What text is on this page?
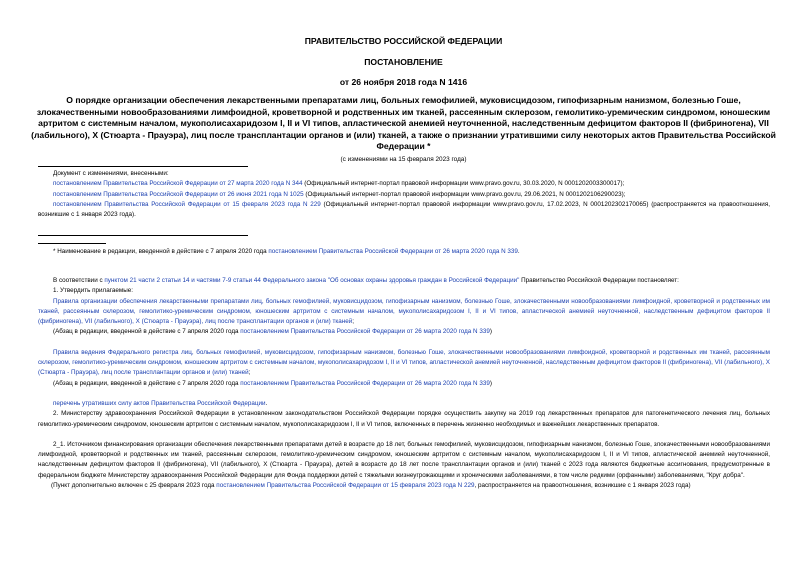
ПРАВИТЕЛЬСТВО РОССИЙСКОЙ ФЕДЕРАЦИИ
ПОСТАНОВЛЕНИЕ
от 26 ноября 2018 года N 1416
О порядке организации обеспечения лекарственными препаратами лиц, больных гемофилией, муковисцидозом, гипофизарным нанизмом, болезнью Гоше, злокачественными новообразованиями лимфоидной, кроветворной и родственных им тканей, рассеянным склерозом, гемолитико-уремическим синдромом, юношеским артритом с системным началом, мукополисахаридозом I, II и VI типов, апластической анемией неуточненной, наследственным дефицитом факторов II (фибриногена), VII (лабильного), X (Стюарта - Прауэра), лиц после трансплантации органов и (или) тканей, а также о признании утратившими силу некоторых актов Правительства Российской Федерации *
(с изменениями на 15 февраля 2023 года)

Документ с изменениями, внесенными:

постановлением Правительства Российской Федерации от 27 марта 2020 года N 344 (Официальный интернет-портал правовой информации www.pravo.gov.ru, 30.03.2020, N 0001202003300017);

постановлением Правительства Российской Федерации от 26 июня 2021 года N 1025 (Официальный интернет-портал правовой информации www.pravo.gov.ru, 29.06.2021, N 0001202106290023);

постановлением Правительства Российской Федерации от 15 февраля 2023 года N 229 (Официальный интернет-портал правовой информации www.pravo.gov.ru, 17.02.2023, N 0001202302170065) (распространяется на правоотношения, возникшие с 1 января 2023 года).

* Наименование в редакции, введенной в действие с 7 апреля 2020 года постановлением Правительства Российской Федерации от 26 марта 2020 года N 339.

В соответствии с пунктом 21 части 2 статьи 14 и частями 7-9 статьи 44 Федерального закона "Об основах охраны здоровья граждан в Российской Федерации" Правительство Российской Федерации постановляет:

1. Утвердить прилагаемые:

Правила организации обеспечения лекарственными препаратами лиц, больных гемофилией, муковисцидозом, гипофизарным нанизмом, болезнью Гоше, злокачественными новообразованиями лимфоидной, кроветворной и родственных им тканей, рассеянным склерозом, гемолитико-уремическим синдромом, юношеским артритом с системным началом, мукополисахаридозом I, II и VI типов, апластической анемией неуточненной, наследственным дефицитом факторов II (фибриногена), VII (лабильного), X (Стюарта - Прауэра), лиц после трансплантации органов и (или) тканей;

(Абзац в редакции, введенной в действие с 7 апреля 2020 года постановлением Правительства Российской Федерации от 26 марта 2020 года N 339)

Правила ведения Федерального регистра лиц, больных гемофилией, муковисцидозом, гипофизарным нанизмом, болезнью Гоше, злокачественными новообразованиями лимфоидной, кроветворной и родственных им тканей, рассеянным склерозом, гемолитико-уремическим синдромом, юношеским артритом с системным началом, мукополисахаридозом I, II и VI типов, апластической анемией неуточненной, наследственным дефицитом факторов II (фибриногена), VII (лабильного), X (Стюарта - Прауэра), лиц после трансплантации органов и (или) тканей;

(Абзац в редакции, введенной в действие с 7 апреля 2020 года постановлением Правительства Российской Федерации от 26 марта 2020 года N 339)

перечень утративших силу актов Правительства Российской Федерации.

2. Министерству здравоохранения Российской Федерации в установленном законодательством Российской Федерации порядке осуществить закупку на 2019 год лекарственных препаратов для патогенетического лечения лиц, больных гемолитико-уремическим синдромом, юношеским артритом с системным началом, мукополисахаридозом I, II и VI типов, включенных в перечень жизненно необходимых и важнейших лекарственных препаратов.

2_1. Источником финансирования организации обеспечения лекарственными препаратами детей в возрасте до 18 лет, больных гемофилией, муковисцидозом, гипофизарным нанизмом, болезнью Гоше, злокачественными новообразованиями лимфоидной, кроветворной и родственных им тканей, рассеянным склерозом, гемолитико-уремическим синдромом, юношеским артритом с системным началом, мукополисахаридозом I, II и VI типов, апластической анемией неуточненной, наследственным дефицитом факторов II (фибриногена), VII (лабильного), X (Стюарта - Прауэра), детей в возрасте до 18 лет после трансплантации органов и (или) тканей с 2023 года являются бюджетные ассигнования, предусмотренные в федеральном бюджете Министерству здравоохранения Российской Федерации для Фонда поддержки детей с тяжелыми жизнеугрожающими и хроническими заболеваниями, в том числе редкими (орфанными) заболеваниями, "Круг добра".

(Пункт дополнительно включен с 25 февраля 2023 года постановлением Правительства Российской Федерации от 15 февраля 2023 года N 229, распространяется на правоотношения, возникшие с 1 января 2023 года)
